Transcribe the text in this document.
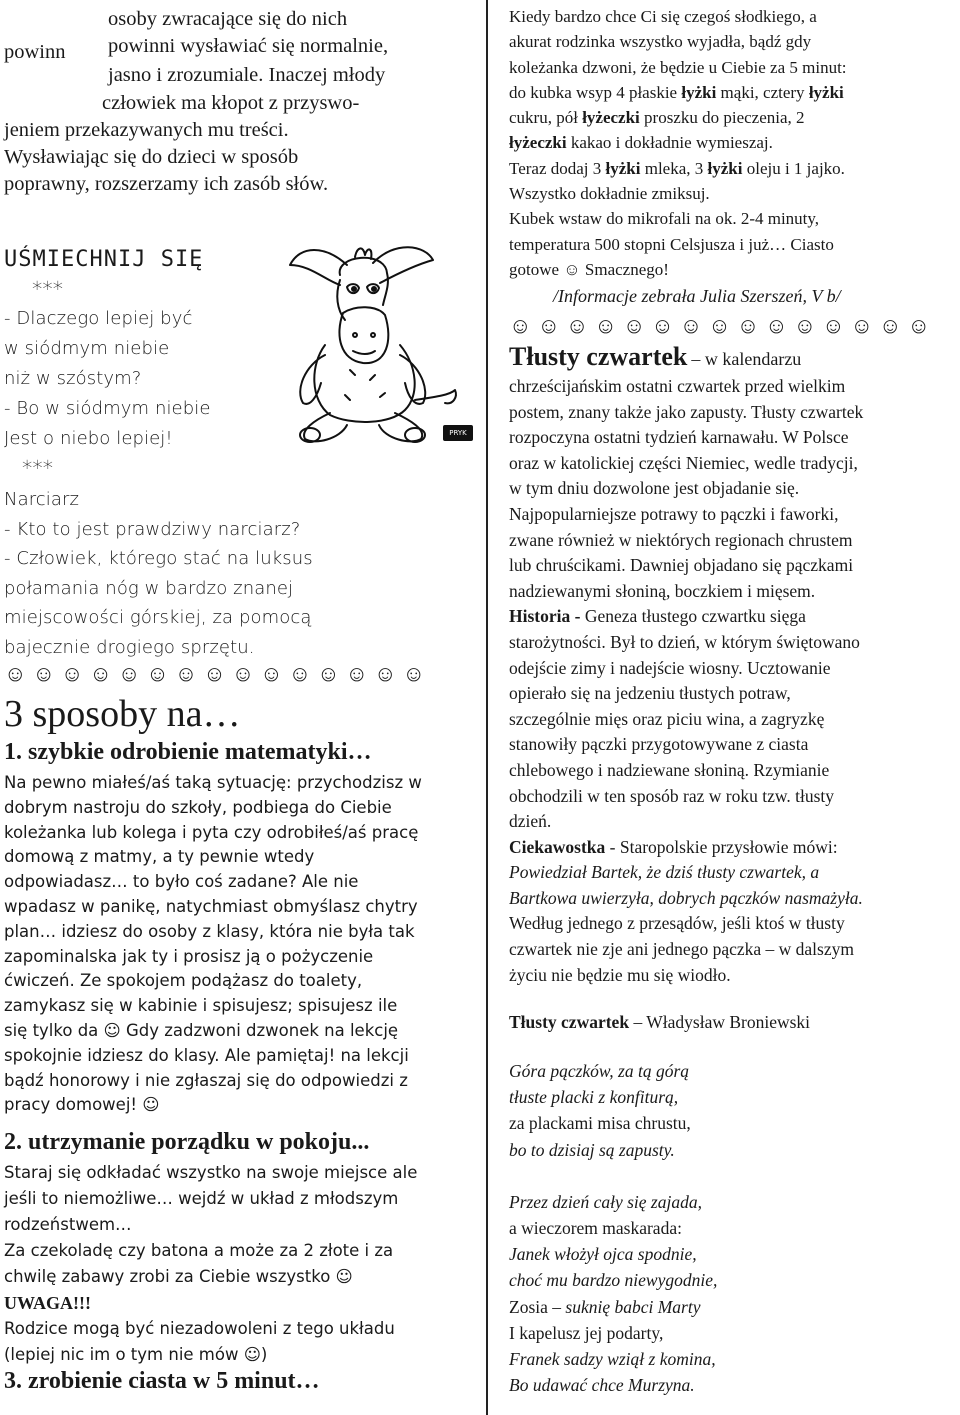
powinn
osoby zwracające się do nich
powinni wysławiać się normalnie,
jasno i zrozumiale. Inaczej młody
człowiek ma kłopot z przyswo-
jeniem przekazywanych mu treści.
Wysławiając się do dzieci w sposób
poprawny, rozszerzamy ich zasób słów.
UŚMIECHNIJ SIĘ
***
- Dlaczego lepiej być
w siódmym niebie
niż w szóstym?
- Bo w siódmym niebie
Jest o niebo lepiej!
***
Narciarz
- Kto to jest prawdziwy narciarz?
- Człowiek, którego stać na luksus
połamania nóg w bardzo znanej
miejscowości górskiej, za pomocą
bajecznie drogiego sprzętu.
☺☺☺☺☺☺☺☺☺☺☺☺☺☺☺
3 sposoby na…
1. szybkie odrobienie matematyki…
Na pewno miałeś/aś taką sytuację: przychodzisz w
dobrym nastroju do szkoły, podbiega do Ciebie
koleżanka lub kolega i pyta czy odrobiłeś/aś pracę
domową z matmy, a ty pewnie wtedy
odpowiadasz… to było coś zadane? Ale nie
wpadasz w panikę, natychmiast obmyślasz chytry
plan… idziesz do osoby z klasy, która nie była tak
zapominalska jak ty i prosisz ją o pożyczenie
ćwiczeń. Ze spokojem podążasz do toalety,
zamykasz się w kabinie i spisujesz; spisujesz ile
się tylko da ☺ Gdy zadzwoni dzwonek na lekcję
spokojnie idziesz do klasy. Ale pamiętaj! na lekcji
bądź honorowy i nie zgłaszaj się do odpowiedzi z
pracy domowej! ☺
2. utrzymanie porządku w pokoju...
Staraj się odkładać wszystko na swoje miejsce ale
jeśli to niemożliwe… wejdź w układ z młodszym
rodzeństwem…
Za czekoladę czy batona a może za 2 złote i za
chwilę zabawy zrobi za Ciebie wszystko ☺
UWAGA!!!
Rodzice mogą być niezadowoleni z tego układu
(lepiej nic im o tym nie mów ☺)
3. zrobienie ciasta w 5 minut…
PRYK
Kiedy bardzo chce Ci się czegoś słodkiego, a
akurat rodzinka wszystko wyjadła, bądź gdy
koleżanka dzwoni, że będzie u Ciebie za 5 minut:
do kubka wsyp 4 płaskie łyżki mąki, cztery łyżki
cukru, pół łyżeczki proszku do pieczenia, 2
łyżeczki kakao i dokładnie wymieszaj.
Teraz dodaj 3 łyżki mleka, 3 łyżki oleju i 1 jajko.
Wszystko dokładnie zmiksuj.
Kubek wstaw do mikrofali na ok. 2-4 minuty,
temperatura 500 stopni Celsjusza i już… Ciasto
gotowe ☺ Smacznego!
/Informacje zebrała Julia Szerszeń, V b/
☺☺☺☺☺☺☺☺☺☺☺☺☺☺☺
Tłusty czwartek – w kalendarzu
chrześcijańskim ostatni czwartek przed wielkim
postem, znany także jako zapusty. Tłusty czwartek
rozpoczyna ostatni tydzień karnawału. W Polsce
oraz w katolickiej części Niemiec, wedle tradycji,
w tym dniu dozwolone jest objadanie się.
Najpopularniejsze potrawy to pączki i faworki,
zwane również w niektórych regionach chrustem
lub chruścikami. Dawniej objadano się pączkami
nadziewanymi słoniną, boczkiem i mięsem.
Historia - Geneza tłustego czwartku sięga
starożytności. Był to dzień, w którym świętowano
odejście zimy i nadejście wiosny. Ucztowanie
opierało się na jedzeniu tłustych potraw,
szczególnie mięs oraz piciu wina, a zagryzkę
stanowiły pączki przygotowywane z ciasta
chlebowego i nadziewane słoniną. Rzymianie
obchodzili w ten sposób raz w roku tzw. tłusty
dzień.
Ciekawostka - Staropolskie przysłowie mówi:
Powiedział Bartek, że dziś tłusty czwartek, a
Bartkowa uwierzyła, dobrych pączków nasmażyła.
Według jednego z przesądów, jeśli ktoś w tłusty
czwartek nie zje ani jednego pączka – w dalszym
życiu nie będzie mu się wiodło.
Tłusty czwartek – Władysław Broniewski
Góra pączków, za tą górą
tłuste placki z konfiturą,
za plackami misa chrustu,
bo to dzisiaj są zapusty.
Przez dzień cały się zajada,
a wieczorem maskarada:
Janek włożył ojca spodnie,
choć mu bardzo niewygodnie,
Zosia – suknię babci Marty
I kapelusz jej podarty,
Franek sadzy wziął z komina,
Bo udawać chce Murzyna.
